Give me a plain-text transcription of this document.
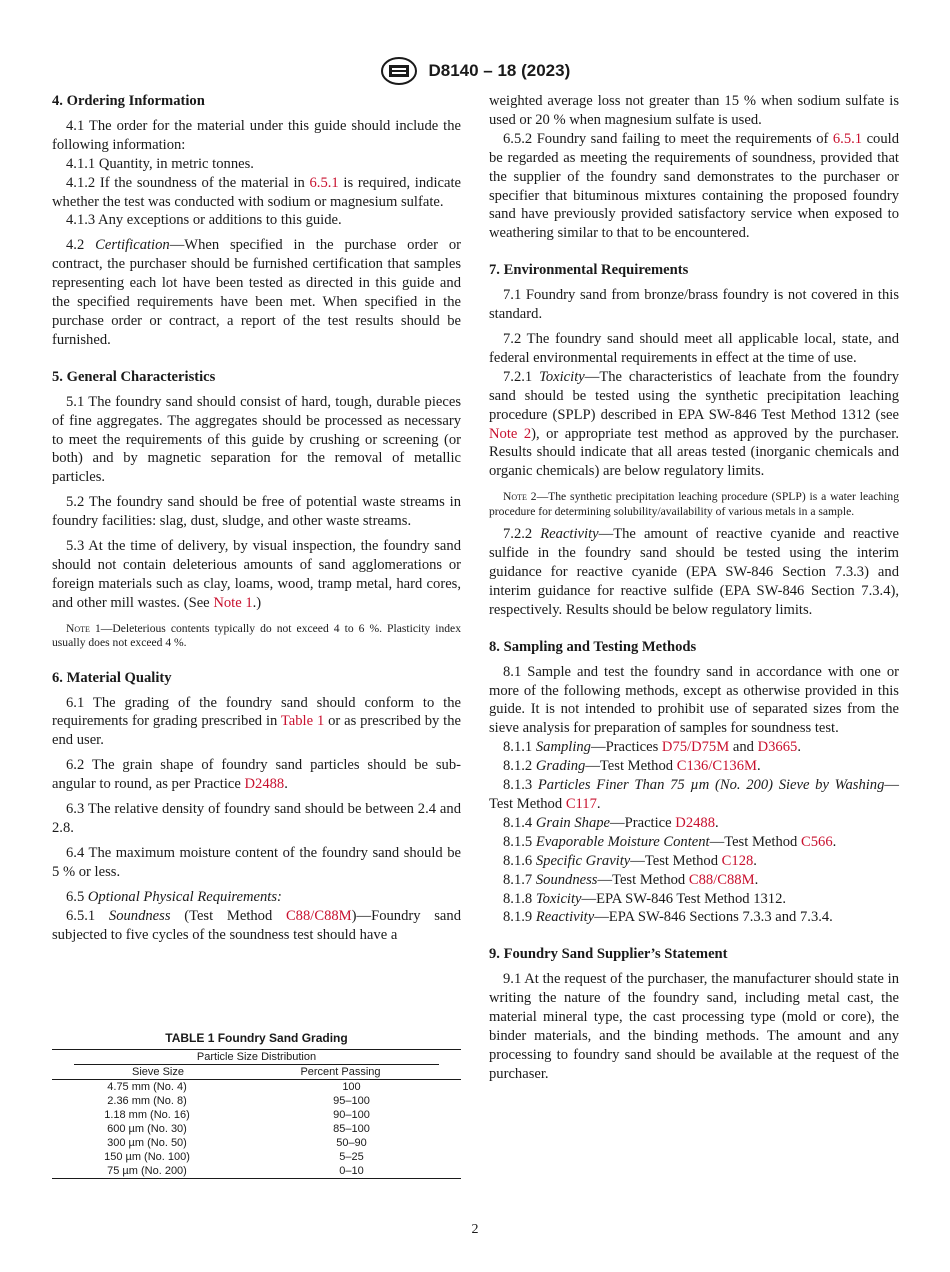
D8140 – 18 (2023)

4. Ordering Information

4.1 The order for the material under this guide should include the following information:

4.1.1 Quantity, in metric tonnes.

4.1.2 If the soundness of the material in 6.5.1 is required, indicate whether the test was conducted with sodium or magnesium sulfate.

4.1.3 Any exceptions or additions to this guide.

4.2 Certification—When specified in the purchase order or contract, the purchaser should be furnished certification that samples representing each lot have been tested as directed in this guide and the specified requirements have been met. When specified in the purchase order or contract, a report of the test results should be furnished.

5. General Characteristics

5.1 The foundry sand should consist of hard, tough, durable pieces of fine aggregates. The aggregates should be processed as necessary to meet the requirements of this guide by crushing or screening (or both) and by magnetic separation for the removal of metallic particles.

5.2 The foundry sand should be free of potential waste streams in foundry facilities: slag, dust, sludge, and other waste streams.

5.3 At the time of delivery, by visual inspection, the foundry sand should not contain deleterious amounts of sand agglomerations or foreign materials such as clay, loams, wood, tramp metal, hard cores, and other mill wastes. (See Note 1.)

Note 1—Deleterious contents typically do not exceed 4 to 6 %. Plasticity index usually does not exceed 4 %.

6. Material Quality

6.1 The grading of the foundry sand should conform to the requirements for grading prescribed in Table 1 or as prescribed by the end user.

6.2 The grain shape of foundry sand particles should be sub-angular to round, as per Practice D2488.

6.3 The relative density of foundry sand should be between 2.4 and 2.8.

6.4 The maximum moisture content of the foundry sand should be 5 % or less.

6.5 Optional Physical Requirements:

6.5.1 Soundness (Test Method C88/C88M)—Foundry sand subjected to five cycles of the soundness test should have a

TABLE 1 Foundry Sand Grading
Particle Size Distribution
Sieve Size	Percent Passing
4.75 mm (No. 4)	100
2.36 mm (No. 8)	95–100
1.18 mm (No. 16)	90–100
600 µm (No. 30)	85–100
300 µm (No. 50)	50–90
150 µm (No. 100)	5–25
75 µm (No. 200)	0–10

weighted average loss not greater than 15 % when sodium sulfate is used or 20 % when magnesium sulfate is used.

6.5.2 Foundry sand failing to meet the requirements of 6.5.1 could be regarded as meeting the requirements of soundness, provided that the supplier of the foundry sand demonstrates to the purchaser or specifier that bituminous mixtures containing the proposed foundry sand have previously provided satisfactory service when exposed to weathering similar to that to be encountered.

7. Environmental Requirements

7.1 Foundry sand from bronze/brass foundry is not covered in this standard.

7.2 The foundry sand should meet all applicable local, state, and federal environmental requirements in effect at the time of use.

7.2.1 Toxicity—The characteristics of leachate from the foundry sand should be tested using the synthetic precipitation leaching procedure (SPLP) described in EPA SW-846 Test Method 1312 (see Note 2), or appropriate test method as approved by the purchaser. Results should indicate that all areas tested (inorganic chemicals and organic chemicals) are below regulatory limits.

Note 2—The synthetic precipitation leaching procedure (SPLP) is a water leaching procedure for determining solubility/availability of various metals in a sample.

7.2.2 Reactivity—The amount of reactive cyanide and reactive sulfide in the foundry sand should be tested using the interim guidance for reactive cyanide (EPA SW-846 Section 7.3.3) and interim guidance for reactive sulfide (EPA SW-846 Section 7.3.4), respectively. Results should be below regulatory limits.

8. Sampling and Testing Methods

8.1 Sample and test the foundry sand in accordance with one or more of the following methods, except as otherwise provided in this guide. It is not intended to prohibit use of separated sizes from the sieve analysis for preparation of samples for soundness test.

8.1.1 Sampling—Practices D75/D75M and D3665.

8.1.2 Grading—Test Method C136/C136M.

8.1.3 Particles Finer Than 75 µm (No. 200) Sieve by Washing—Test Method C117.

8.1.4 Grain Shape—Practice D2488.

8.1.5 Evaporable Moisture Content—Test Method C566.

8.1.6 Specific Gravity—Test Method C128.

8.1.7 Soundness—Test Method C88/C88M.

8.1.8 Toxicity—EPA SW-846 Test Method 1312.

8.1.9 Reactivity—EPA SW-846 Sections 7.3.3 and 7.3.4.

9. Foundry Sand Supplier’s Statement

9.1 At the request of the purchaser, the manufacturer should state in writing the nature of the foundry sand, including metal cast, the material mineral type, the cast processing type (mold or core), the binder materials, and the binding methods. The amount and any processing to foundry sand should be available at the request of the purchaser.

2
